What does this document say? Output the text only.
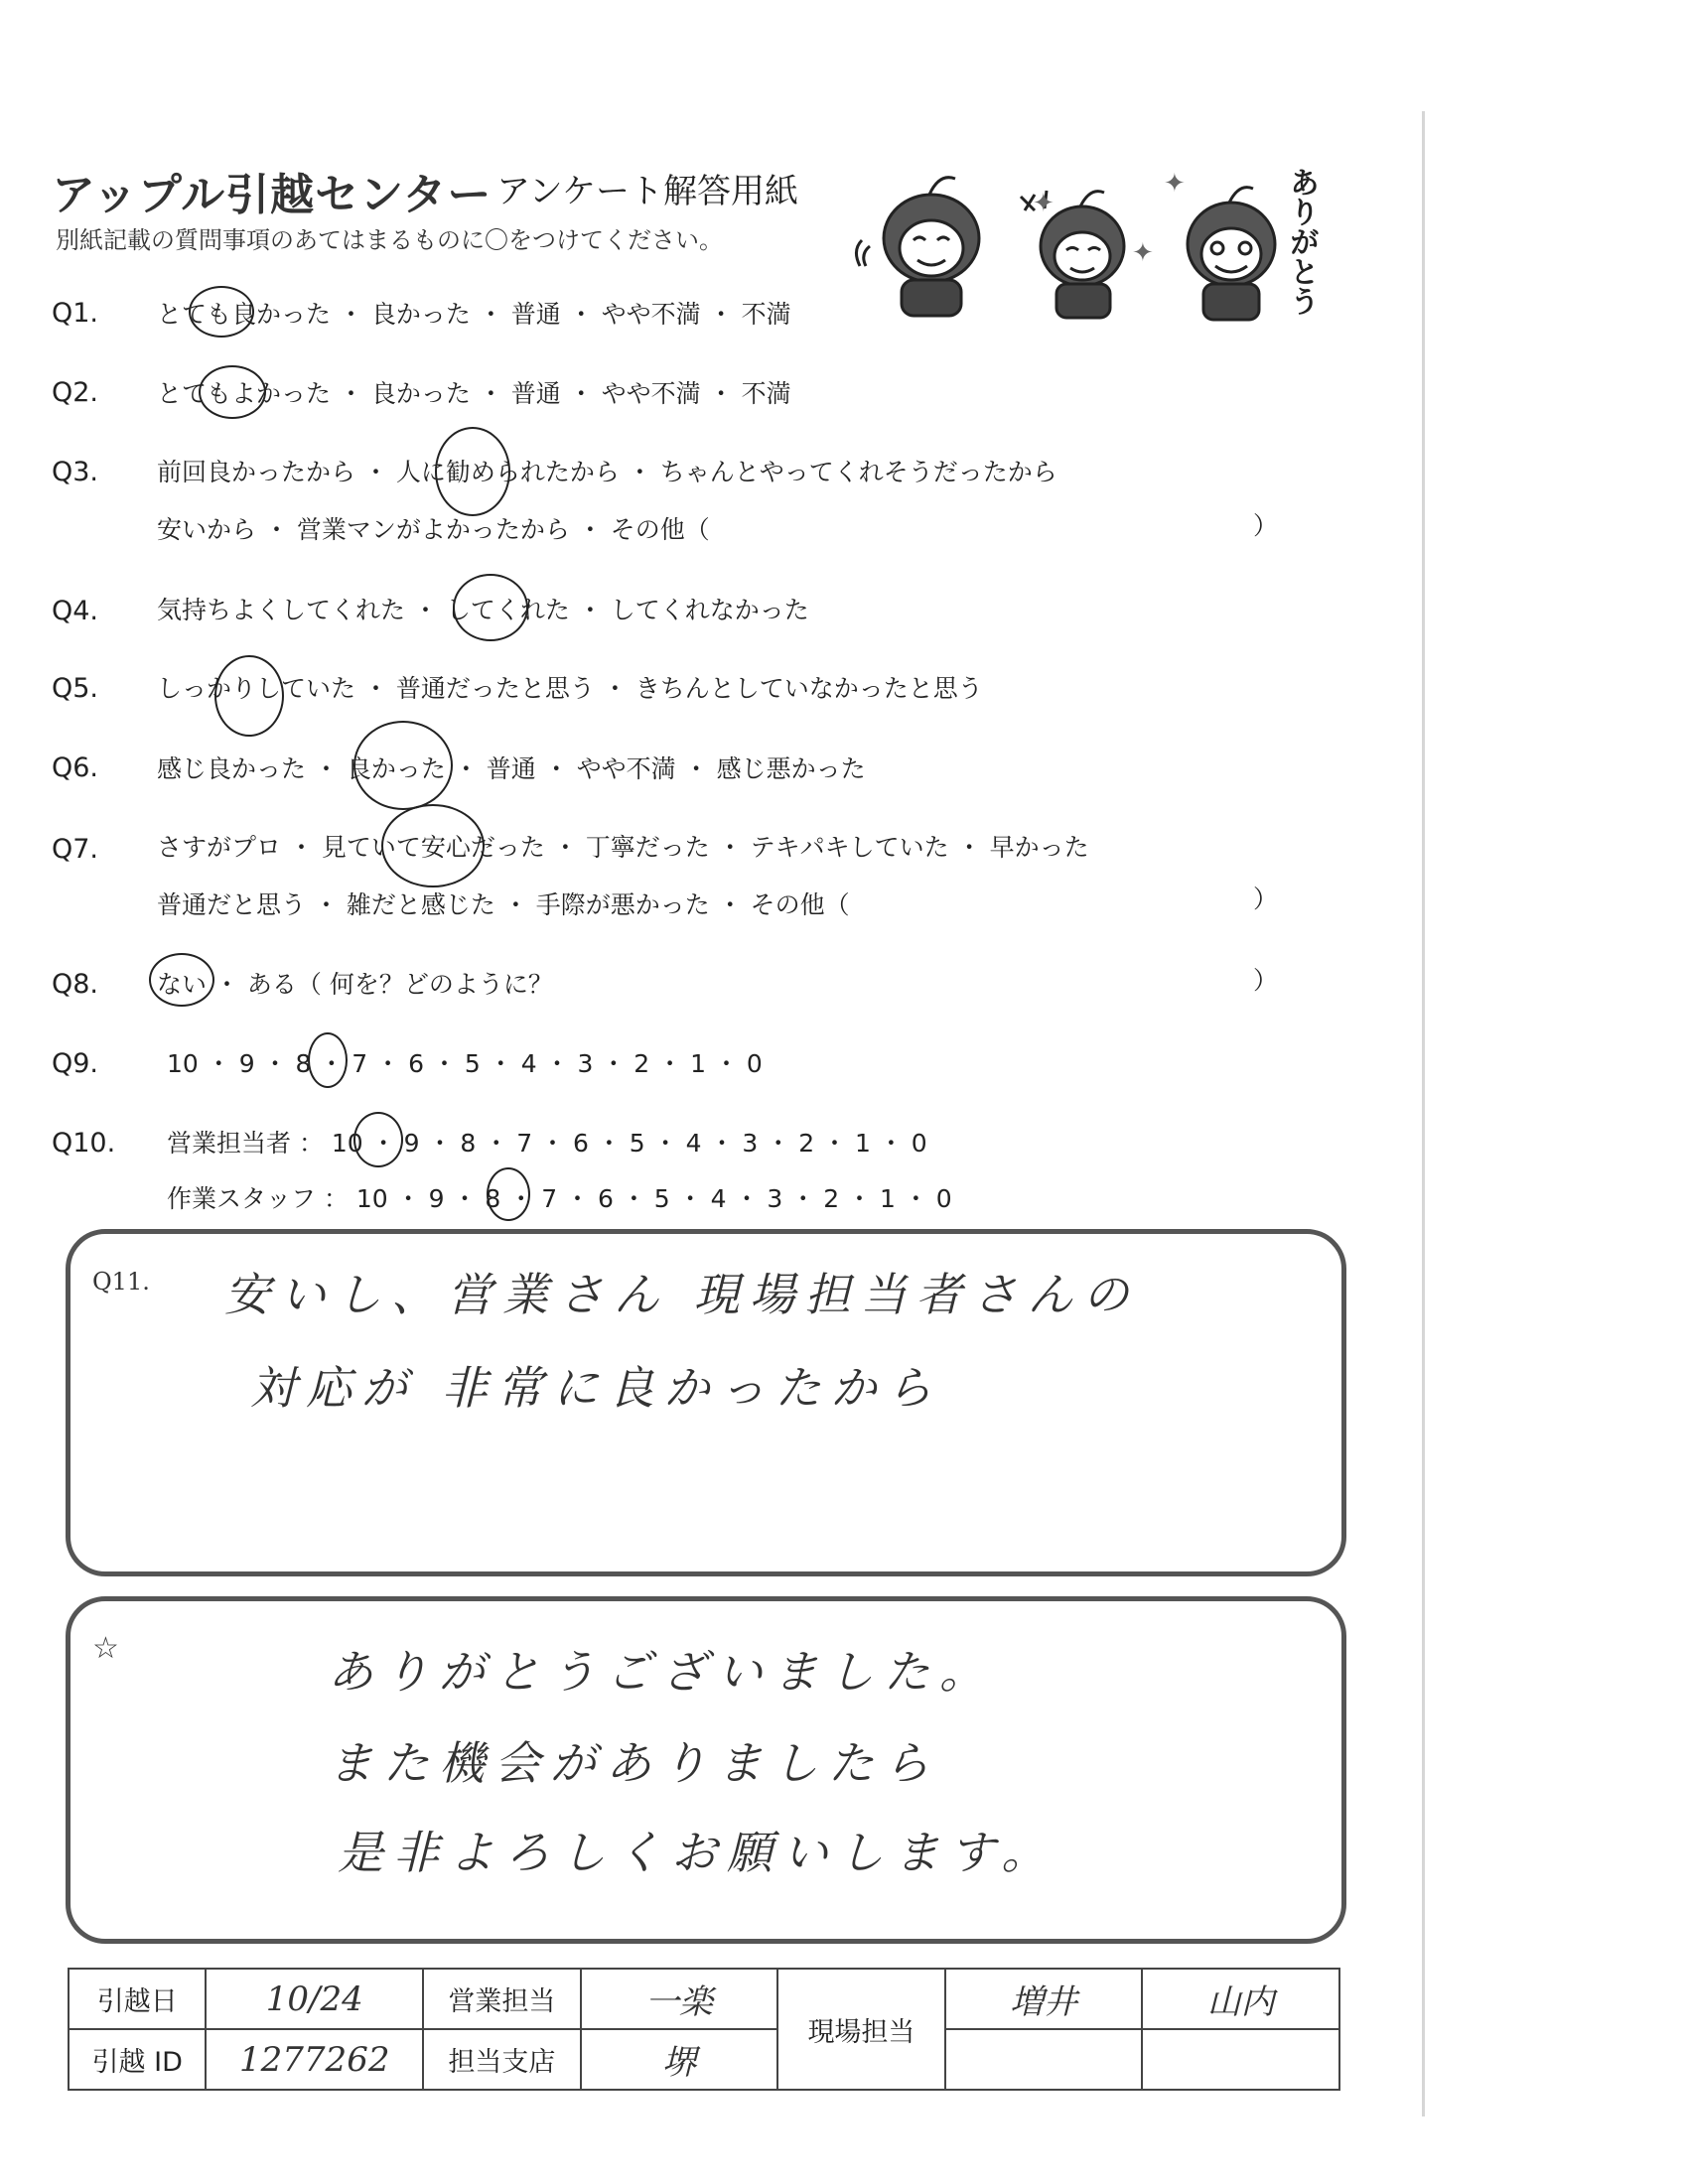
アップル引越センター アンケート解答用紙
別紙記載の質問事項のあてはまるものに〇をつけてください。
✦
✦
✦	ありがとう
Q1. とても良かった ・ 良かった ・ 普通 ・ やや不満 ・ 不満
Q2. とてもよかった ・ 良かった ・ 普通 ・ やや不満 ・ 不満
Q3. 前回良かったから ・ 人に勧められたから ・ ちゃんとやってくれそうだったから
安いから ・ 営業マンがよかったから ・ その他（	）
Q4. 気持ちよくしてくれた ・ してくれた ・ してくれなかった
Q5. しっかりしていた ・ 普通だったと思う ・ きちんとしていなかったと思う
Q6. 感じ良かった ・ 良かった ・ 普通 ・ やや不満 ・ 感じ悪かった
Q7. さすがプロ ・ 見ていて安心だった ・ 丁寧だった ・ テキパキしていた ・ 早かった
普通だと思う ・ 雑だと感じた ・ 手際が悪かった ・ その他（	）
Q8. ない ・ ある（ 何を？どのように？	）
Q9.	10 ・ 9 ・ 8 ・ 7 ・ 6 ・ 5 ・ 4 ・ 3 ・ 2 ・ 1 ・ 0
Q10. 営業担当者 ： 10 ・ 9 ・ 8 ・ 7 ・ 6 ・ 5 ・ 4 ・ 3 ・ 2 ・ 1 ・ 0
作業スタッフ ： 10 ・ 9 ・ 8 ・ 7 ・ 6 ・ 5 ・ 4 ・ 3 ・ 2 ・ 1 ・ 0
Q11. 安いし、営業さん 現場担当者さんの
対応が 非常に良かったから
☆	ありがとうございました。
また機会がありましたら
是非よろしくお願いします。
引越日	10/24	営業担当	一楽	現場担当	増井	山内
引越 ID	1277262	担当支店	堺			
